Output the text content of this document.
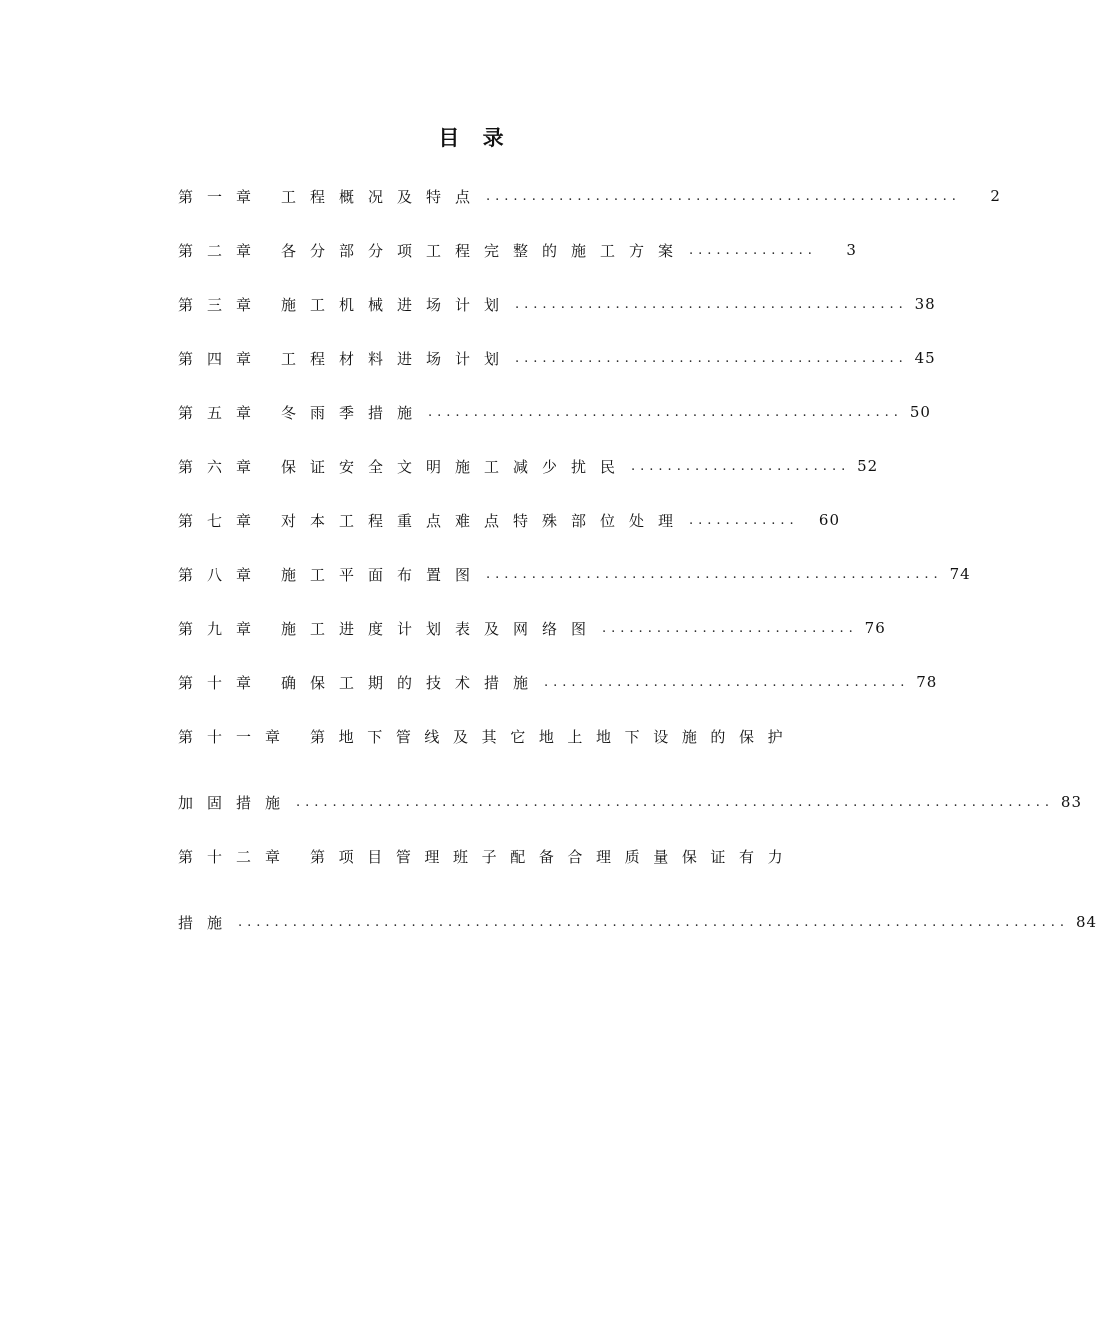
目 录
第一章 工程概况及特点 ....................................................	2
第二章 各分部分项工程完整的施工方案 ..............	3
第三章 施工机械进场计划 ........................................... 38
第四章 工程材料进场计划 ........................................... 45
第五章 冬雨季措施 .................................................... 50
第六章 保证安全文明施工减少扰民 ........................ 52
第七章 对本工程重点难点特殊部位处理 ............	60
第八章 施工平面布置图 .................................................. 74
第九章 施工进度计划表及网络图 ............................ 76
第十章 确保工期的技术措施 ........................................ 78
第十一章 第地下管线及其它地上地下设施的保护
加固措施 ................................................................................... 83
第十二章 第项目管理班子配备合理质量保证有力
措施 ........................................................................................... 84
